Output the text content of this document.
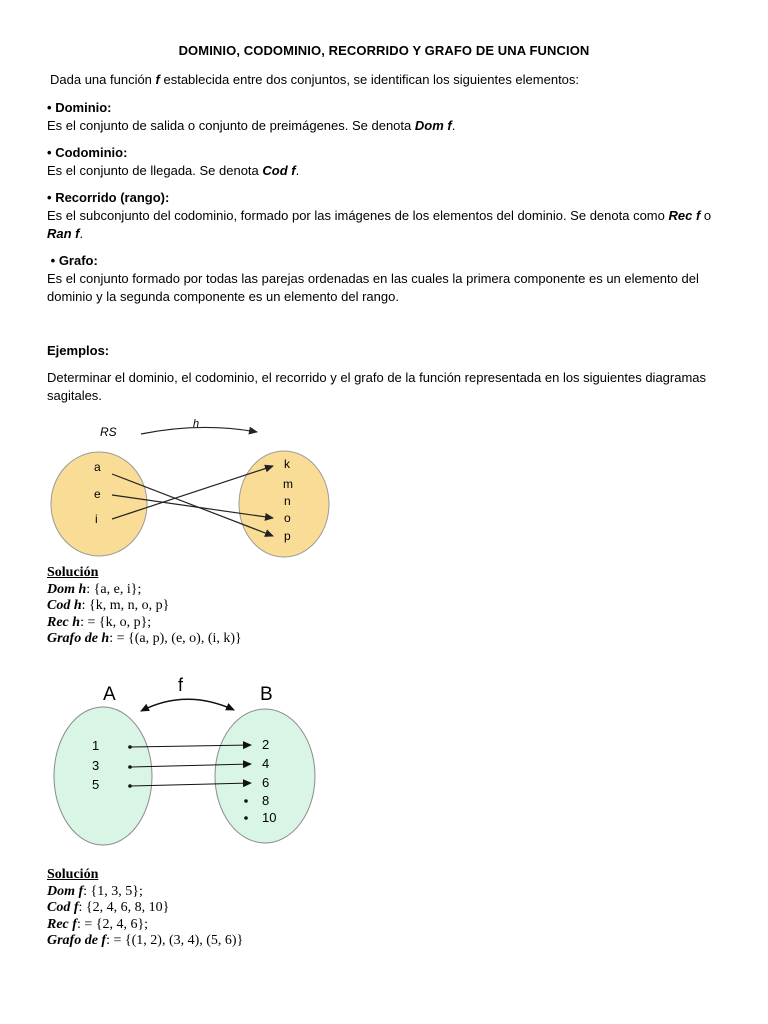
DOMINIO, CODOMINIO, RECORRIDO Y GRAFO DE UNA FUNCION
Dada una función f establecida entre dos conjuntos, se identifican los siguientes elementos:
• Dominio:
Es el conjunto de salida o conjunto de preimágenes. Se denota Dom f.
• Codominio:
Es el conjunto de llegada. Se denota Cod f.
• Recorrido (rango):
Es el subconjunto del codominio, formado por las imágenes de los elementos del dominio. Se denota como Rec f o Ran f.
• Grafo:
Es el conjunto formado por todas las parejas ordenadas en las cuales la primera componente es un elemento del dominio y la segunda componente es un elemento del rango.
Ejemplos:
Determinar el dominio, el codominio, el recorrido y el grafo de la función representada en los siguientes diagramas sagitales.
RS
h
a
e
i
k
m
n
o
p
Solución
Dom h: {a, e, i};
Cod h: {k, m, n, o, p}
Rec h: = {k, o, p};
Grafo de h: = {(a, p), (e, o), (i, k)}
A	B
f
1
3
5
2
4
6
8
10
Solución
Dom f: {1, 3, 5};
Cod f: {2, 4, 6, 8, 10}
Rec f: = {2, 4, 6};
Grafo de f: = {(1, 2), (3, 4), (5, 6)}
